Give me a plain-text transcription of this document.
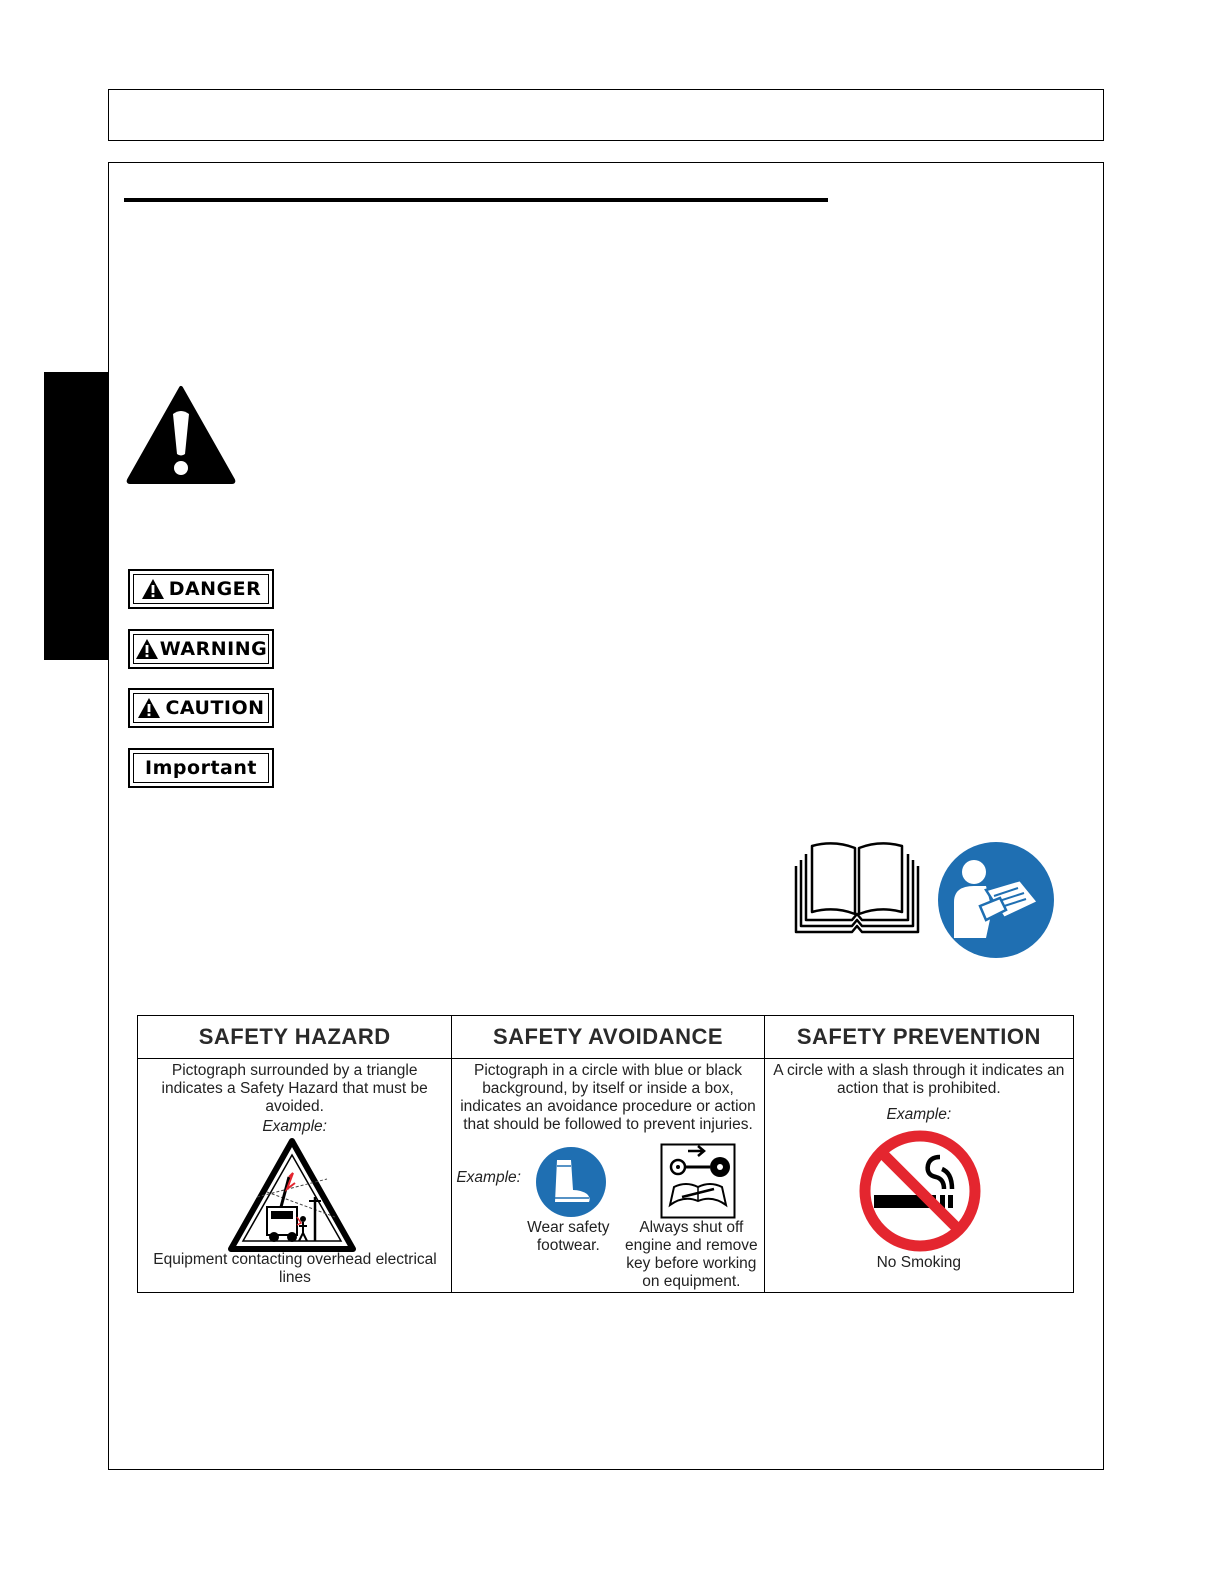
DANGER
WARNING
CAUTION
Important
SAFETY HAZARD
Pictograph surrounded by a triangle indicates a Safety Hazard that must be avoided.
Example:
Equipment contacting overhead electrical lines
SAFETY AVOIDANCE
Pictograph in a circle with blue or black background, by itself or inside a box, indicates an avoidance procedure or action that should be followed to prevent injuries.
Example:
Wear safety footwear.
Always shut off engine and remove key before working on equipment.
SAFETY PREVENTION
A circle with a slash through it indicates an action that is prohibited.
Example:
No Smoking
